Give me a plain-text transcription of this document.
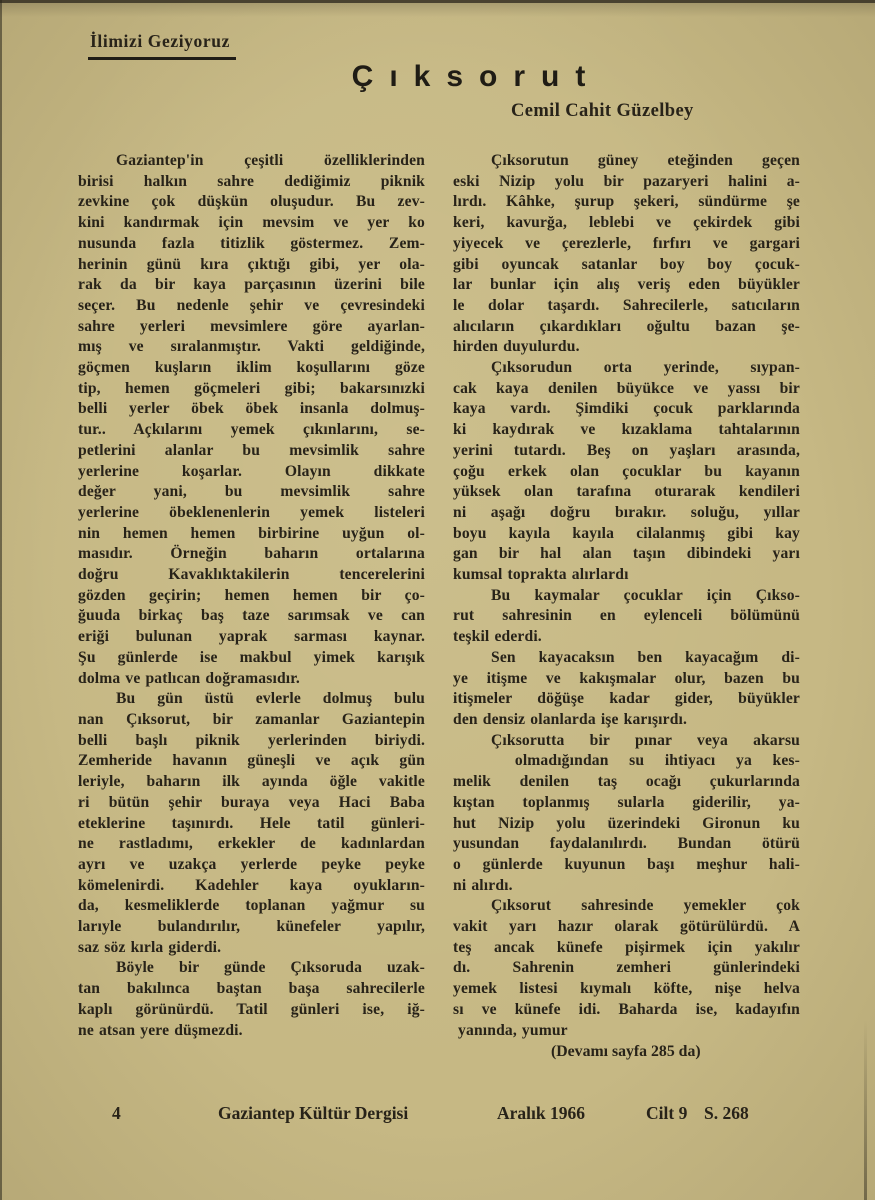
İlimizi Geziyoruz
Çıksorut
Cemil Cahit Güzelbey
Gaziantep'in çeşitli özelliklerinden
birisi halkın sahre dediğimiz piknik
zevkine çok düşkün oluşudur. Bu zev-
kini kandırmak için mevsim ve yer ko
nusunda fazla titizlik göstermez. Zem-
herinin günü kıra çıktığı gibi, yer ola-
rak da bir kaya parçasının üzerini bile
seçer. Bu nedenle şehir ve çevresindeki
sahre yerleri mevsimlere göre ayarlan-
mış ve sıralanmıştır. Vakti geldiğinde,
göçmen kuşların iklim koşullarını göze
tip, hemen göçmeleri gibi; bakarsınızki
belli yerler öbek öbek insanla dolmuş-
tur.. Açkılarını yemek çıkınlarını, se-
petlerini alanlar bu mevsimlik sahre
yerlerine koşarlar. Olayın dikkate
değer yani, bu mevsimlik sahre
yerlerine öbeklenenlerin yemek listeleri
nin hemen hemen birbirine uyğun ol-
masıdır. Örneğin baharın ortalarına
doğru Kavaklıktakilerin tencerelerini
gözden geçirin; hemen hemen bir ço-
ğuuda birkaç baş taze sarımsak ve can
eriği bulunan yaprak sarması kaynar.
Şu günlerde ise makbul yimek karışık
dolma ve patlıcan doğramasıdır.
Bu gün üstü evlerle dolmuş bulu
nan Çıksorut, bir zamanlar Gaziantepin
belli başlı piknik yerlerinden biriydi.
Zemheride havanın güneşli ve açık gün
leriyle, baharın ilk ayında öğle vakitle
ri bütün şehir buraya veya Haci Baba
eteklerine taşınırdı. Hele tatil günleri-
ne rastladımı, erkekler de kadınlardan
ayrı ve uzakça yerlerde peyke peyke
kömelenirdi. Kadehler kaya oyukların-
da, kesmeliklerde toplanan yağmur su
larıyle bulandırılır, künefeler yapılır,
saz söz kırla giderdi.
Böyle bir günde Çıksoruda uzak-
tan bakılınca baştan başa sahrecilerle
kaplı görünürdü. Tatil günleri ise, iğ-
ne atsan yere düşmezdi.
Çıksorutun güney eteğinden geçen
eski Nizip yolu bir pazaryeri halini a-
lırdı. Kâhke, şurup şekeri, sündürme şe
keri, kavurğa, leblebi ve çekirdek gibi
yiyecek ve çerezlerle, fırfırı ve gargari
gibi oyuncak satanlar boy boy çocuk-
lar bunlar için alış veriş eden büyükler
le dolar taşardı. Sahrecilerle, satıcıların
alıcıların çıkardıkları oğultu bazan şe-
hirden duyulurdu.
Çıksorudun orta yerinde, sıypan-
cak kaya denilen büyükce ve yassı bir
kaya vardı. Şimdiki çocuk parklarında
ki kaydırak ve kızaklama tahtalarının
yerini tutardı. Beş on yaşları arasında,
çoğu erkek olan çocuklar bu kayanın
yüksek olan tarafına oturarak kendileri
ni aşağı doğru bırakır. soluğu, yıllar
boyu kayıla kayıla cilalanmış gibi kay
gan bir hal alan taşın dibindeki yarı
kumsal toprakta alırlardı
Bu kaymalar çocuklar için Çıkso-
rut sahresinin en eylenceli bölümünü
teşkil ederdi.
Sen kayacaksın ben kayacağım di-
ye itişme ve kakışmalar olur, bazen bu
itişmeler döğüşe kadar gider, büyükler
den densiz olanlarda işe karışırdı.
Çıksorutta bir pınar veya akarsu
olmadığından su ihtiyacı ya kes-
melik denilen taş ocağı çukurlarında
kıştan toplanmış sularla giderilir, ya-
hut Nizip yolu üzerindeki Gironun ku
yusundan faydalanılırdı. Bundan ötürü
o günlerde kuyunun başı meşhur hali-
ni alırdı.
Çıksorut sahresinde yemekler çok
vakit yarı hazır olarak götürülürdü. A
teş ancak künefe pişirmek için yakılır
dı. Sahrenin zemheri günlerindeki
yemek listesi kıymalı köfte, nişe helva
sı ve künefe idi. Baharda ise, kadayıfın
yanında, yumur
(Devamı sayfa 285 da)
4	Gaziantep Kültür Dergisi	Aralık 1966	Cilt 9 S. 268
